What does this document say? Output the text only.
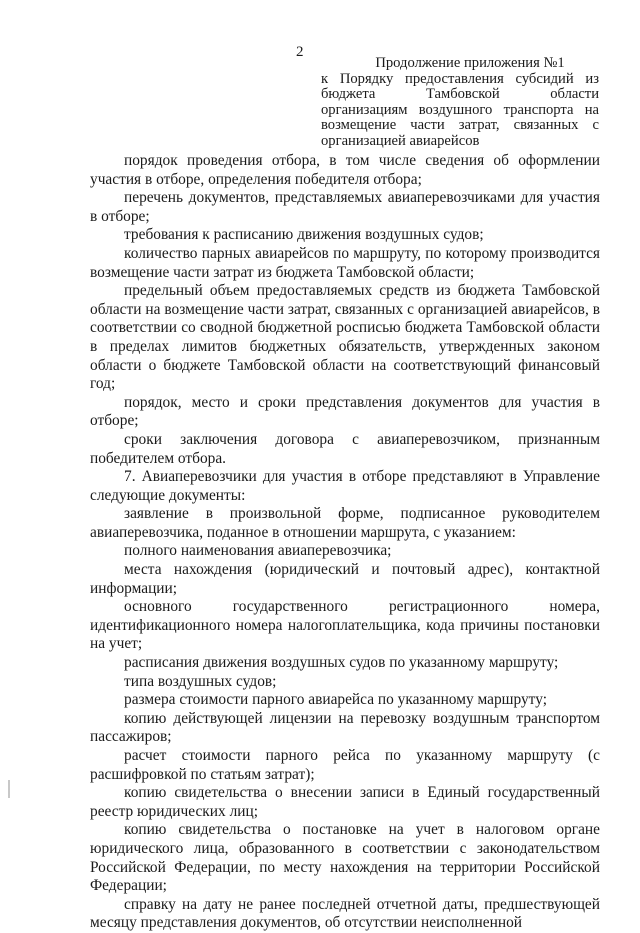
2
Продолжение приложения №1
к Порядку предоставления субсидий из
бюджета Тамбовской области
организациям воздушного транспорта на
возмещение части затрат, связанных с
организацией авиарейсов

порядок проведения отбора, в том числе сведения об оформлении участия в отборе, определения победителя отбора;

перечень документов, представляемых авиаперевозчиками для участия в отборе;

требования к расписанию движения воздушных судов;

количество парных авиарейсов по маршруту, по которому производится возмещение части затрат из бюджета Тамбовской области;

предельный объем предоставляемых средств из бюджета Тамбовской области на возмещение части затрат, связанных с организацией авиарейсов, в соответствии со сводной бюджетной росписью бюджета Тамбовской области в пределах лимитов бюджетных обязательств, утвержденных законом области о бюджете Тамбовской области на соответствующий финансовый год;

порядок, место и сроки представления документов для участия в отборе;

сроки заключения договора с авиаперевозчиком, признанным победителем отбора.

7. Авиаперевозчики для участия в отборе представляют в Управление следующие документы:

заявление в произвольной форме, подписанное руководителем авиаперевозчика, поданное в отношении маршрута, с указанием:

полного наименования авиаперевозчика;

места нахождения (юридический и почтовый адрес), контактной информации;

основного государственного регистрационного номера, идентификационного номера налогоплательщика, кода причины постановки на учет;

расписания движения воздушных судов по указанному маршруту;

типа воздушных судов;

размера стоимости парного авиарейса по указанному маршруту;

копию действующей лицензии на перевозку воздушным транспортом пассажиров;

расчет стоимости парного рейса по указанному маршруту (с расшифровкой по статьям затрат);

копию свидетельства о внесении записи в Единый государственный реестр юридических лиц;

копию свидетельства о постановке на учет в налоговом органе юридического лица, образованного в соответствии с законодательством Российской Федерации, по месту нахождения на территории Российской Федерации;

справку на дату не ранее последней отчетной даты, предшествующей месяцу представления документов, об отсутствии неисполненной
